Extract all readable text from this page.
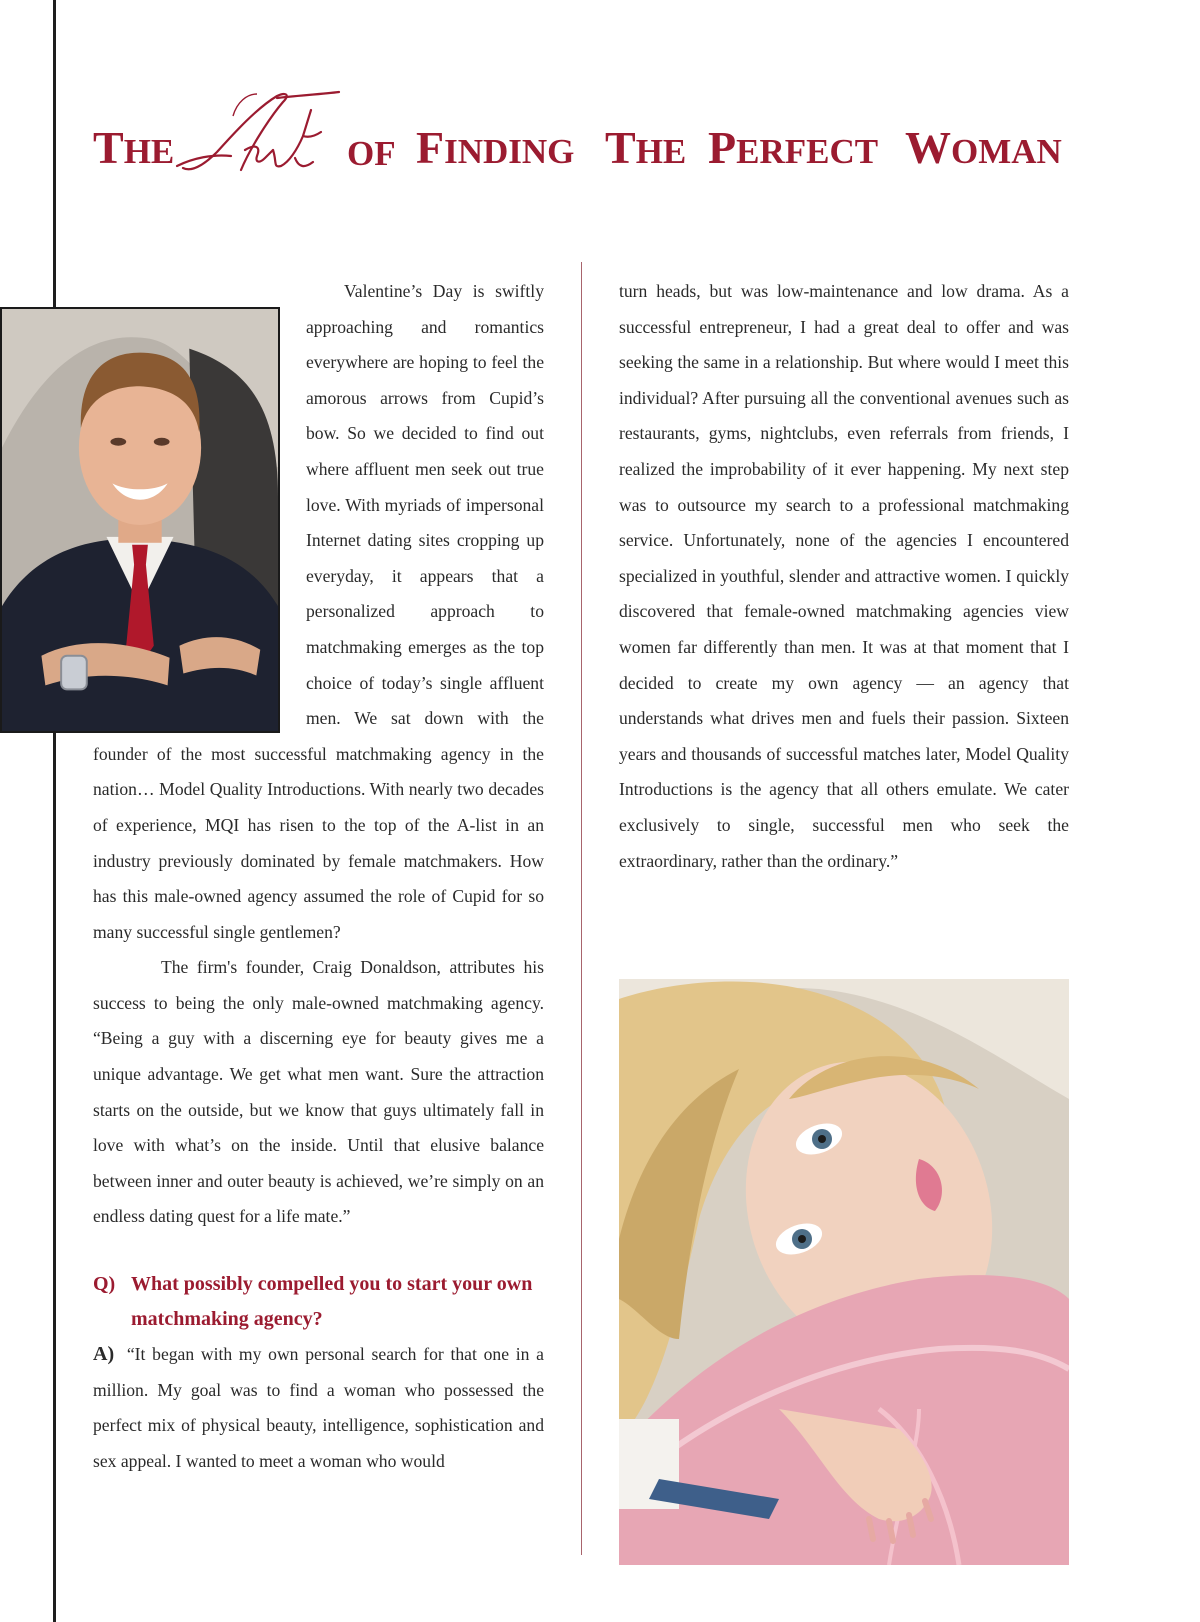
THE	OF FINDING THE PERFECT WOMAN

Valentine’s Day is swiftly approaching and romantics everywhere are hoping to feel the amorous arrows from Cupid’s bow. So we decided to find out where affluent men seek out true love. With myriads of impersonal Internet dating sites cropping up everyday, it appears that a personalized approach to matchmaking emerges as the top choice of today’s single affluent men. We sat down with the founder of the most successful matchmaking agency in the nation… Model Quality Introductions. With nearly two decades of experience, MQI has risen to the top of the A-list in an industry previously dominated by female matchmakers. How has this male-owned agency assumed the role of Cupid for so many successful single gentlemen?

The firm's founder, Craig Donaldson, attributes his success to being the only male-owned matchmaking agency. “Being a guy with a discerning eye for beauty gives me a unique advantage. We get what men want. Sure the attraction starts on the outside, but we know that guys ultimately fall in love with what’s on the inside. Until that elusive balance between inner and outer beauty is achieved, we’re simply on an endless dating quest for a life mate.”

Q) What possibly compelled you to start your own matchmaking agency?

A) “It began with my own personal search for that one in a million. My goal was to find a woman who possessed the perfect mix of physical beauty, intelligence, sophistication and sex appeal. I wanted to meet a woman who would

turn heads, but was low-maintenance and low drama. As a successful entrepreneur, I had a great deal to offer and was seeking the same in a relationship. But where would I meet this individual? After pursuing all the conventional avenues such as restaurants, gyms, nightclubs, even referrals from friends, I realized the improbability of it ever happening. My next step was to outsource my search to a professional matchmaking service. Unfortunately, none of the agencies I encountered specialized in youthful, slender and attractive women. I quickly discovered that female-owned matchmaking agencies view women far differently than men. It was at that moment that I decided to create my own agency — an agency that understands what drives men and fuels their passion. Sixteen years and thousands of successful matches later, Model Quality Introductions is the agency that all others emulate. We cater exclusively to single, successful men who seek the extraordinary, rather than the ordinary.”
